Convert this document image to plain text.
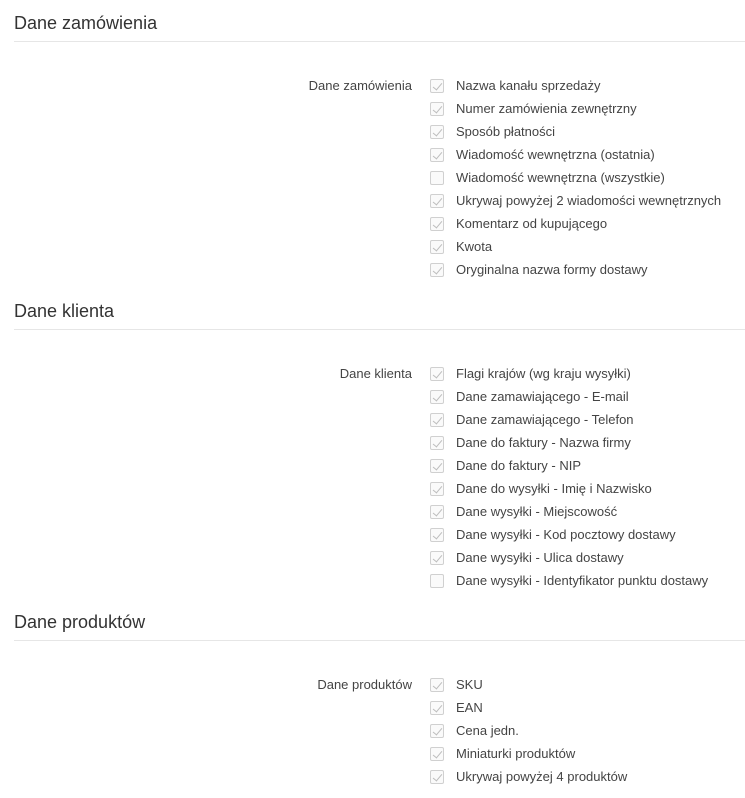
Dane zamówienia
Dane zamówienia	Nazwa kanału sprzedaży
Numer zamówienia zewnętrzny
Sposób płatności
Wiadomość wewnętrzna (ostatnia)
Wiadomość wewnętrzna (wszystkie)
Ukrywaj powyżej 2 wiadomości wewnętrznych
Komentarz od kupującego
Kwota
Oryginalna nazwa formy dostawy
Dane klienta
Dane klienta	Flagi krajów (wg kraju wysyłki)
Dane zamawiającego - E-mail
Dane zamawiającego - Telefon
Dane do faktury - Nazwa firmy
Dane do faktury - NIP
Dane do wysyłki - Imię i Nazwisko
Dane wysyłki - Miejscowość
Dane wysyłki - Kod pocztowy dostawy
Dane wysyłki - Ulica dostawy
Dane wysyłki - Identyfikator punktu dostawy
Dane produktów
Dane produktów	SKU
EAN
Cena jedn.
Miniaturki produktów
Ukrywaj powyżej 4 produktów
